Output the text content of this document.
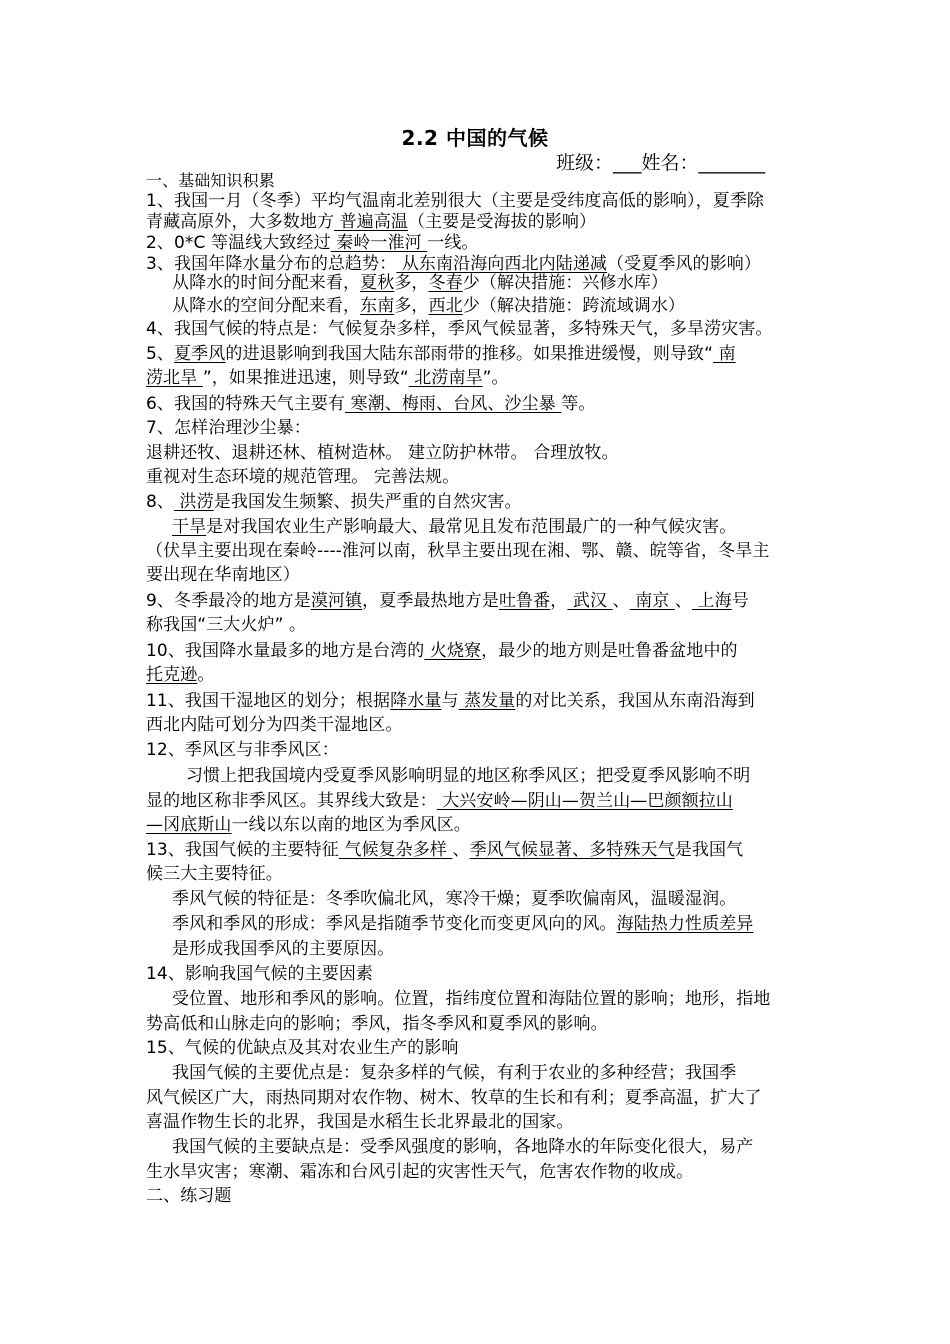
2.2 中国的气候
班级：___姓名：_______
一、基础知识积累
1、我国一月（冬季）平均气温南北差别很大（主要是受纬度高低的影响），夏季除
青藏高原外，大多数地方 普遍高温（主要是受海拔的影响）
2、0*C 等温线大致经过 秦岭一淮河 一线。
3、我国年降水量分布的总趋势： 从东南沿海向西北内陆递减（受夏季风的影响）
从降水的时间分配来看，夏秋多，冬春少（解决措施：兴修水库）
从降水的空间分配来看，东南多，西北少（解决措施：跨流域调水）
4、我国气候的特点是：气候复杂多样，季风气候显著，多特殊天气，多旱涝灾害。
5、夏季风的进退影响到我国大陆东部雨带的推移。如果推进缓慢，则导致“ 南
涝北旱 ”，如果推进迅速，则导致“ 北涝南旱”。
6、我国的特殊天气主要有 寒潮、梅雨、台风、沙尘暴 等。
7、怎样治理沙尘暴：
退耕还牧、退耕还林、植树造林。 建立防护林带。 合理放牧。
重视对生态环境的规范管理。 完善法规。
8、 洪涝是我国发生频繁、损失严重的自然灾害。
干旱是对我国农业生产影响最大、最常见且发布范围最广的一种气候灾害。
（伏旱主要出现在秦岭----淮河以南，秋旱主要出现在湘、鄂、赣、皖等省，冬旱主
要出现在华南地区）
9、冬季最冷的地方是漠河镇，夏季最热地方是吐鲁番， 武汉 、 南京 、 上海号
称我国“三大火炉” 。
10、我国降水量最多的地方是台湾的 火烧寮，最少的地方则是吐鲁番盆地中的
托克逊。
11、我国干湿地区的划分；根据降水量与 蒸发量的对比关系，我国从东南沿海到
西北内陆可划分为四类干湿地区。
12、季风区与非季风区：
习惯上把我国境内受夏季风影响明显的地区称季风区；把受夏季风影响不明
显的地区称非季风区。其界线大致是： 大兴安岭—阴山—贺兰山—巴颜额拉山
—冈底斯山一线以东以南的地区为季风区。
13、我国气候的主要特征 气候复杂多样 、季风气候显著、多特殊天气是我国气
候三大主要特征。
季风气候的特征是：冬季吹偏北风，寒冷干燥；夏季吹偏南风，温暖湿润。
季风和季风的形成：季风是指随季节变化而变更风向的风。海陆热力性质差异
是形成我国季风的主要原因。
14、影响我国气候的主要因素
受位置、地形和季风的影响。位置，指纬度位置和海陆位置的影响；地形，指地
势高低和山脉走向的影响；季风，指冬季风和夏季风的影响。
15、气候的优缺点及其对农业生产的影响
我国气候的主要优点是：复杂多样的气候，有利于农业的多种经营；我国季
风气候区广大，雨热同期对农作物、树木、牧草的生长和有利；夏季高温，扩大了
喜温作物生长的北界，我国是水稻生长北界最北的国家。
我国气候的主要缺点是：受季风强度的影响，各地降水的年际变化很大，易产
生水旱灾害；寒潮、霜冻和台风引起的灾害性天气，危害农作物的收成。
二、练习题
